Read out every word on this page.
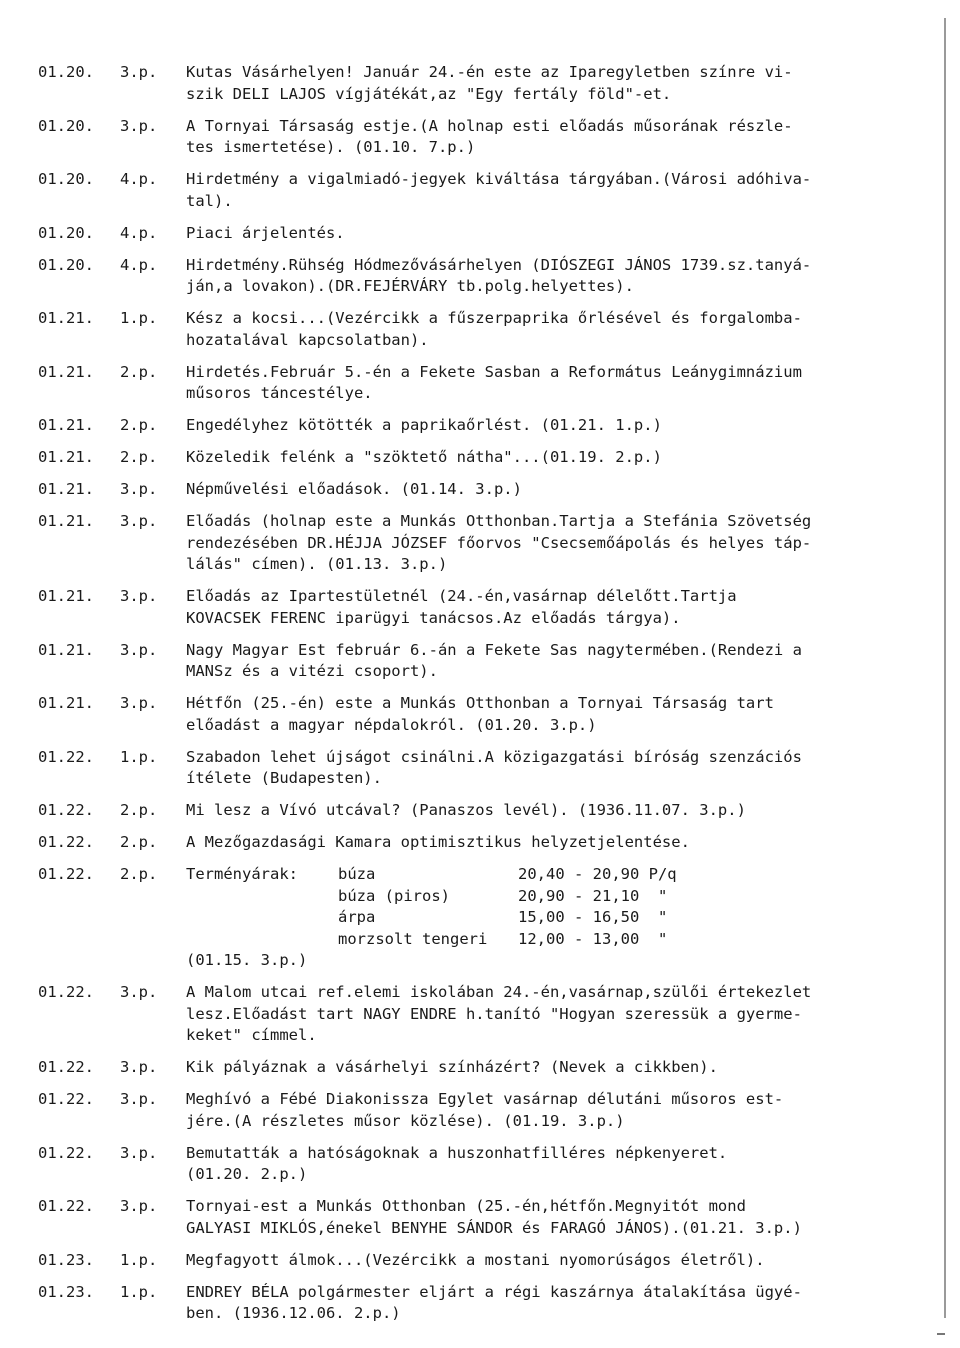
01.20.	3.p.	Kutas Vásárhelyen! Január 24.-én este az Iparegyletben színre vi-
szik DELI LAJOS vígjátékát,az "Egy fertály föld"-et.
01.20.	3.p.	A Tornyai Társaság estje.(A holnap esti előadás műsorának részle-
tes ismertetése). (01.10. 7.p.)
01.20.	4.p.	Hirdetmény a vigalmiadó-jegyek kiváltása tárgyában.(Városi adóhiva-
tal).
01.20.	4.p.	Piaci árjelentés.
01.20.	4.p.	Hirdetmény.Rühség Hódmezővásárhelyen (DIÓSZEGI JÁNOS 1739.sz.tanyá-
ján,a lovakon).(DR.FEJÉRVÁRY tb.polg.helyettes).
01.21.	1.p.	Kész a kocsi...(Vezércikk a fűszerpaprika őrlésével és forgalomba-
hozatalával kapcsolatban).
01.21.	2.p.	Hirdetés.Február 5.-én a Fekete Sasban a Református Leánygimnázium
műsoros táncestélye.
01.21.	2.p.	Engedélyhez kötötték a paprikaőrlést. (01.21. 1.p.)
01.21.	2.p.	Közeledik felénk a "szöktető nátha"...(01.19. 2.p.)
01.21.	3.p.	Népművelési előadások. (01.14. 3.p.)
01.21.	3.p.	Előadás (holnap este a Munkás Otthonban.Tartja a Stefánia Szövetség
rendezésében DR.HÉJJA JÓZSEF főorvos "Csecsemőápolás és helyes táp-
lálás" címen). (01.13. 3.p.)
01.21.	3.p.	Előadás az Ipartestületnél (24.-én,vasárnap délelőtt.Tartja
KOVACSEK FERENC iparügyi tanácsos.Az előadás tárgya).
01.21.	3.p.	Nagy Magyar Est február 6.-án a Fekete Sas nagytermében.(Rendezi a
MANSz és a vitézi csoport).
01.21.	3.p.	Hétfőn (25.-én) este a Munkás Otthonban a Tornyai Társaság tart
előadást a magyar népdalokról. (01.20. 3.p.)
01.22.	1.p.	Szabadon lehet újságot csinálni.A közigazgatási bíróság szenzációs
ítélete (Budapesten).
01.22.	2.p.	Mi lesz a Vívó utcával? (Panaszos levél). (1936.11.07. 3.p.)
01.22.	2.p.	A Mezőgazdasági Kamara optimisztikus helyzetjelentése.
01.22.	2.p.	Terményárak:	búza	20,40 - 20,90 P/q
búza (piros)	20,90 - 21,10  "
árpa	15,00 - 16,50  "
morzsolt tengeri	12,00 - 13,00  "
(01.15. 3.p.)
01.22.	3.p.	A Malom utcai ref.elemi iskolában 24.-én,vasárnap,szülői értekezlet
lesz.Előadást tart NAGY ENDRE h.tanító "Hogyan szeressük a gyerme-
keket" címmel.
01.22.	3.p.	Kik pályáznak a vásárhelyi színházért? (Nevek a cikkben).
01.22.	3.p.	Meghívó a Fébé Diakonissza Egylet vasárnap délutáni műsoros est-
jére.(A részletes műsor közlése). (01.19. 3.p.)
01.22.	3.p.	Bemutatták a hatóságoknak a huszonhatfilléres népkenyeret.
(01.20. 2.p.)
01.22.	3.p.	Tornyai-est a Munkás Otthonban (25.-én,hétfőn.Megnyitót mond
GALYASI MIKLÓS,énekel BENYHE SÁNDOR és FARAGÓ JÁNOS).(01.21. 3.p.)
01.23.	1.p.	Megfagyott álmok...(Vezércikk a mostani nyomorúságos életről).
01.23.	1.p.	ENDREY BÉLA polgármester eljárt a régi kaszárnya átalakítása ügyé-
ben. (1936.12.06. 2.p.)
